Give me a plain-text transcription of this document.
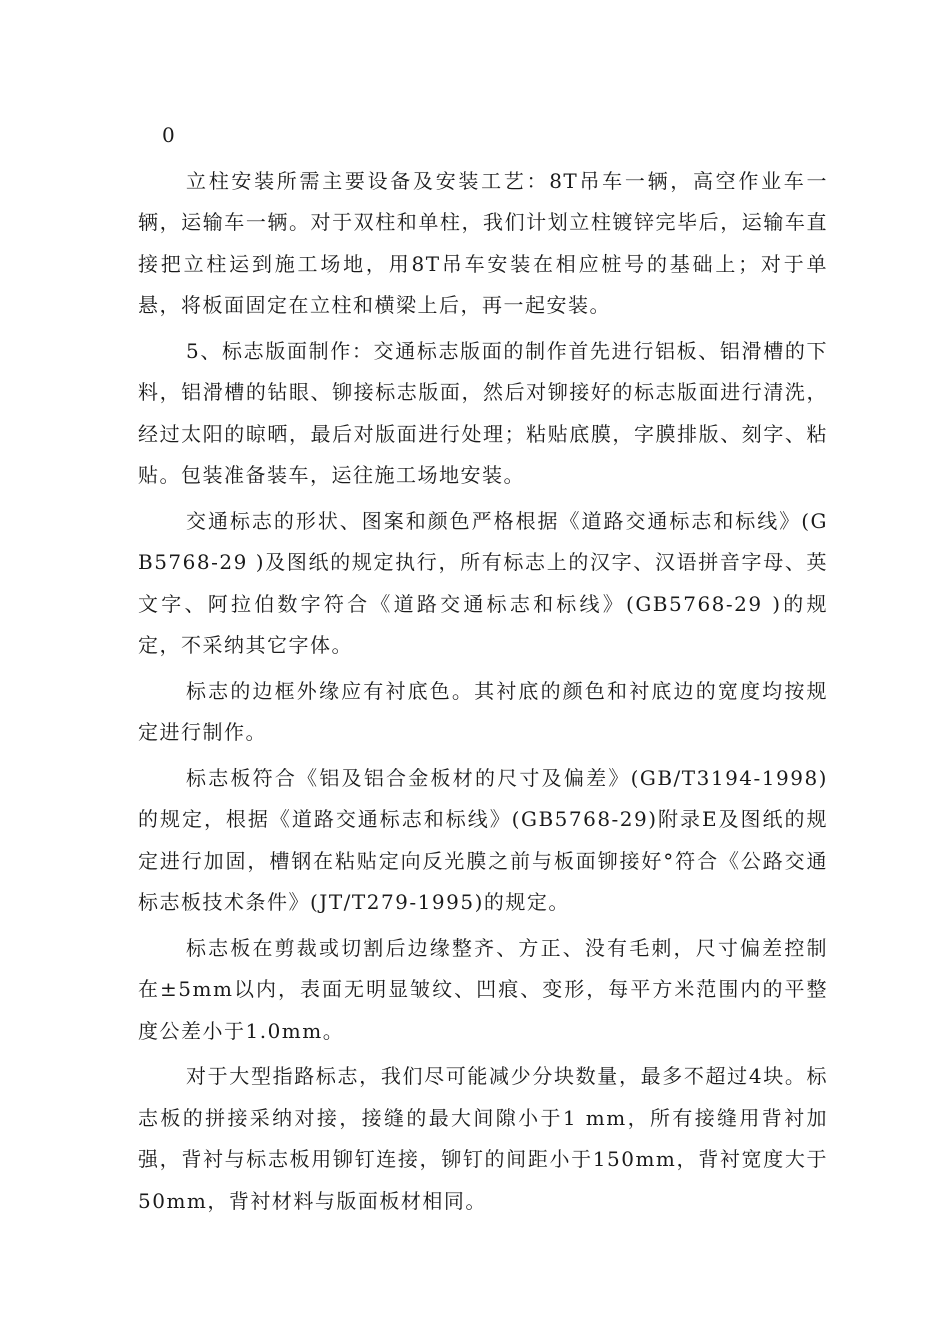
0

立柱安装所需主要设备及安装工艺：8T吊车一辆，高空作业车一辆，运输车一辆。对于双柱和单柱，我们计划立柱镀锌完毕后，运输车直接把立柱运到施工场地，用8T吊车安装在相应桩号的基础上；对于单悬，将板面固定在立柱和横梁上后，再一起安装。

5、标志版面制作：交通标志版面的制作首先进行铝板、铝滑槽的下料，铝滑槽的钻眼、铆接标志版面，然后对铆接好的标志版面进行清洗，经过太阳的晾晒，最后对版面进行处理；粘贴底膜，字膜排版、刻字、粘贴。包装准备装车，运往施工场地安装。

交通标志的形状、图案和颜色严格根据《道路交通标志和标线》(GB5768-29 )及图纸的规定执行，所有标志上的汉字、汉语拼音字母、英文字、阿拉伯数字符合《道路交通标志和标线》(GB5768-29 )的规定，不采纳其它字体。

标志的边框外缘应有衬底色。其衬底的颜色和衬底边的宽度均按规定进行制作。

标志板符合《铝及铝合金板材的尺寸及偏差》(GB/T3194-1998)的规定，根据《道路交通标志和标线》(GB5768-29)附录E及图纸的规定进行加固，槽钢在粘贴定向反光膜之前与板面铆接好°符合《公路交通标志板技术条件》(JT/T279-1995)的规定。

标志板在剪裁或切割后边缘整齐、方正、没有毛刺，尺寸偏差控制在±5mm以内，表面无明显皱纹、凹痕、变形，每平方米范围内的平整度公差小于1.0mm。

对于大型指路标志，我们尽可能减少分块数量，最多不超过4块。标志板的拼接采纳对接，接缝的最大间隙小于1 mm，所有接缝用背衬加强，背衬与标志板用铆钉连接，铆钉的间距小于150mm，背衬宽度大于50mm，背衬材料与版面板材相同。
